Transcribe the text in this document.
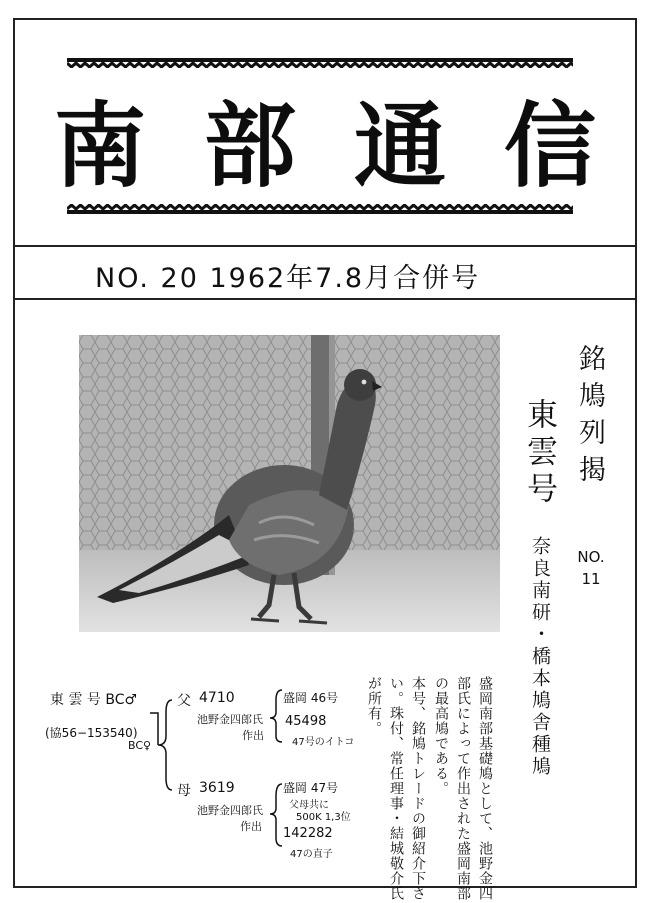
南 部 通 信
NO. 20 1962年7.8月合併号
銘鳩列揭
NO.
11
東雲号
奈良南研・橋本鳩舎種鳩
盛岡南部基礎鳩として、池野金四
部氏によって作出された盛岡南部
の最高鳩である。
本号、銘鳩トレードの御紹介下さ
い。珠付、常任理事・結城敬介氏
が所有。
東 雲 号 BC♂
(協56−153540)
BC♀
父 4710
池野金四郎氏
作出
盛岡 46号
45498
47号のイトコ
母 3619
池野金四郎氏
作出
盛岡 47号
父母共に
500K 1,3位
142282
47の直子
